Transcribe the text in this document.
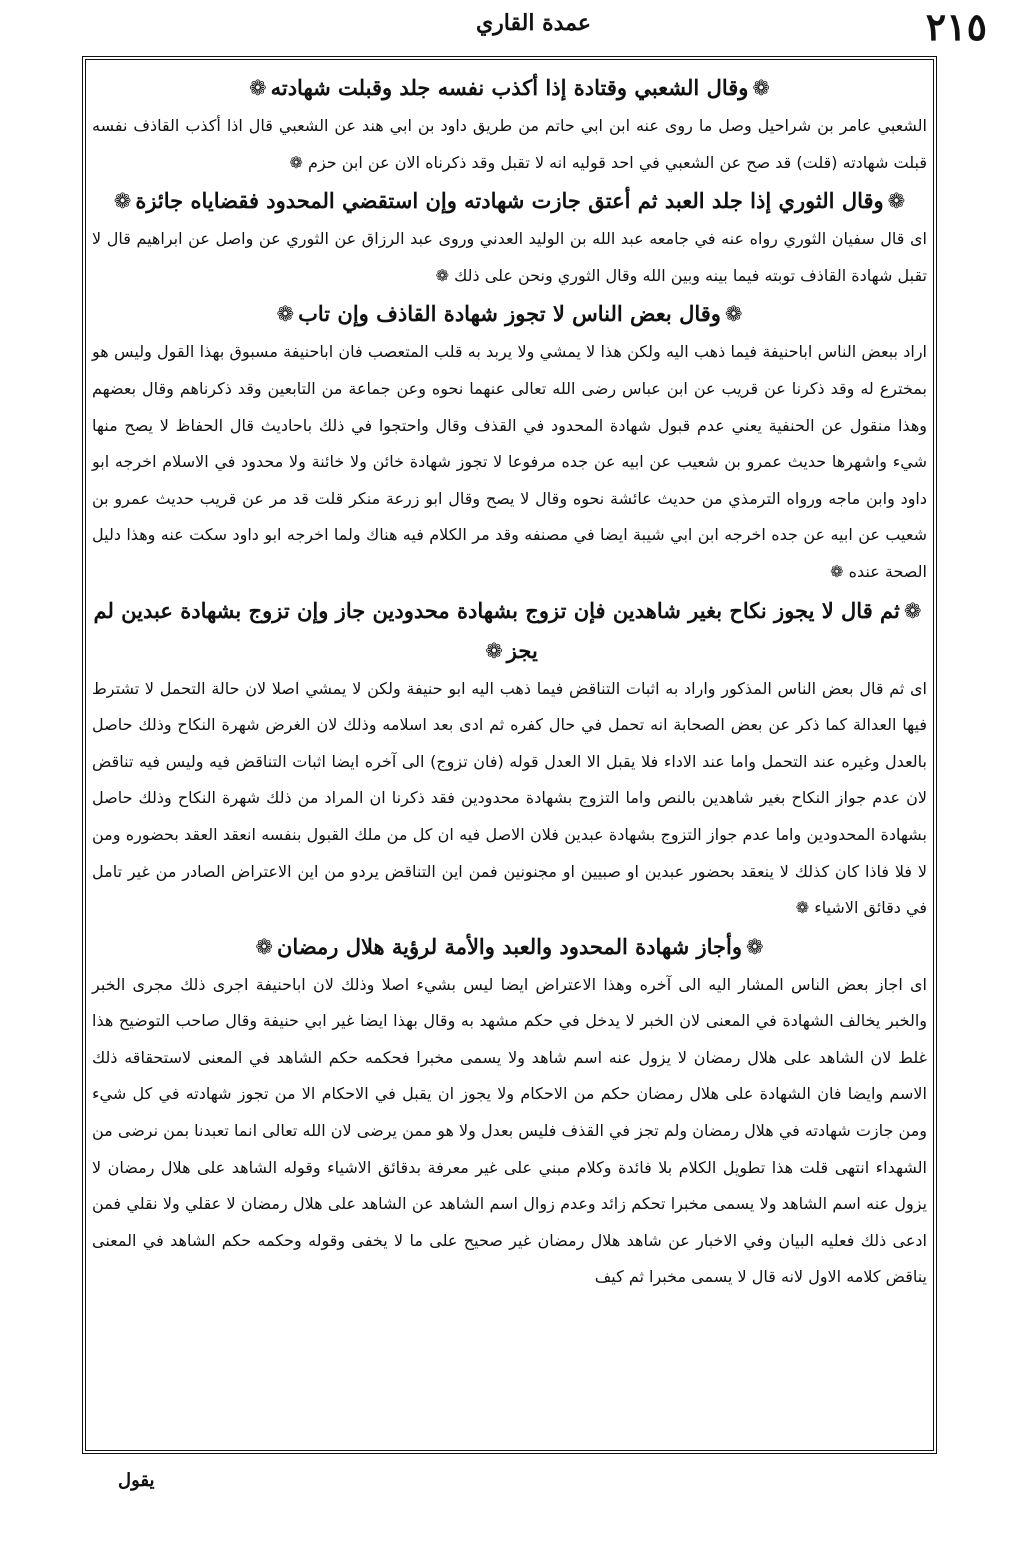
٢١٥
عمدة القاري
❁وقال الشعبي وقتادة إذا أكذب نفسه جلد وقبلت شهادته❁
الشعبي عامر بن شراحيل وصل ما روى عنه ابن ابي حاتم من طريق داود بن ابي هند عن الشعبي قال اذا أكذب القاذف نفسه قبلت شهادته (قلت) قد صح عن الشعبي في احد قوليه انه لا تقبل وقد ذكرناه الان عن ابن حزم ❁
❁وقال الثوري إذا جلد العبد ثم أعتق جازت شهادته وإن استقضي المحدود فقضاياه جائزة❁
اى قال سفيان الثوري رواه عنه في جامعه عبد الله بن الوليد العدني وروى عبد الرزاق عن الثوري عن واصل عن ابراهيم قال لا تقبل شهادة القاذف توبته فيما بينه وبين الله وقال الثوري ونحن على ذلك ❁
❁وقال بعض الناس لا تجوز شهادة القاذف وإن تاب❁
اراد ببعض الناس اباحنيفة فيما ذهب اليه ولكن هذا لا يمشي ولا يربد به قلب المتعصب فان اباحنيفة مسبوق بهذا القول وليس هو بمخترع له وقد ذكرنا عن قريب عن ابن عباس رضى الله تعالى عنهما نحوه وعن جماعة من التابعين وقد ذكرناهم وقال بعضهم وهذا منقول عن الحنفية يعني عدم قبول شهادة المحدود في القذف وقال واحتجوا في ذلك باحاديث قال الحفاظ لا يصح منها شيء واشهرها حديث عمرو بن شعيب عن ابيه عن جده مرفوعا لا تجوز شهادة خائن ولا خائنة ولا محدود في الاسلام اخرجه ابو داود وابن ماجه ورواه الترمذي من حديث عائشة نحوه وقال لا يصح وقال ابو زرعة منكر قلت قد مر عن قريب حديث عمرو بن شعيب عن ابيه عن جده اخرجه ابن ابي شيبة ايضا في مصنفه وقد مر الكلام فيه هناك ولما اخرجه ابو داود سكت عنه وهذا دليل الصحة عنده ❁
❁ثم قال لا يجوز نكاح بغير شاهدين فإن تزوج بشهادة محدودين جاز وإن تزوج بشهادة عبدين لم يجز❁
اى ثم قال بعض الناس المذكور واراد به اثبات التناقض فيما ذهب اليه ابو حنيفة ولكن لا يمشي اصلا لان حالة التحمل لا تشترط فيها العدالة كما ذكر عن بعض الصحابة انه تحمل في حال كفره ثم ادى بعد اسلامه وذلك لان الغرض شهرة النكاح وذلك حاصل بالعدل وغيره عند التحمل واما عند الاداء فلا يقبل الا العدل قوله (فان تزوج) الى آخره ايضا اثبات التناقض فيه وليس فيه تناقض لان عدم جواز النكاح بغير شاهدين بالنص واما التزوج بشهادة محدودين فقد ذكرنا ان المراد من ذلك شهرة النكاح وذلك حاصل بشهادة المحدودين واما عدم جواز التزوج بشهادة عبدين فلان الاصل فيه ان كل من ملك القبول بنفسه انعقد العقد بحضوره ومن لا فلا فاذا كان كذلك لا ينعقد بحضور عبدين او صبيين او مجنونين فمن اين التناقض يردو من اين الاعتراض الصادر من غير تامل في دقائق الاشياء ❁
❁وأجاز شهادة المحدود والعبد والأمة لرؤية هلال رمضان❁
اى اجاز بعض الناس المشار اليه الى آخره وهذا الاعتراض ايضا ليس بشيء اصلا وذلك لان اباحنيفة اجرى ذلك مجرى الخبر والخبر يخالف الشهادة في المعنى لان الخبر لا يدخل في حكم مشهد به وقال بهذا ايضا غير ابي حنيفة وقال صاحب التوضيح هذا غلط لان الشاهد على هلال رمضان لا يزول عنه اسم شاهد ولا يسمى مخبرا فحكمه حكم الشاهد في المعنى لاستحقاقه ذلك الاسم وايضا فان الشهادة على هلال رمضان حكم من الاحكام ولا يجوز ان يقبل في الاحكام الا من تجوز شهادته في كل شيء ومن جازت شهادته في هلال رمضان ولم تجز في القذف فليس بعدل ولا هو ممن يرضى لان الله تعالى انما تعبدنا بمن نرضى من الشهداء انتهى قلت هذا تطويل الكلام بلا فائدة وكلام مبني على غير معرفة بدقائق الاشياء وقوله الشاهد على هلال رمضان لا يزول عنه اسم الشاهد ولا يسمى مخبرا تحكم زائد وعدم زوال اسم الشاهد عن الشاهد على هلال رمضان لا عقلي ولا نقلي فمن ادعى ذلك فعليه البيان وفي الاخبار عن شاهد هلال رمضان غير صحيح على ما لا يخفى وقوله وحكمه حكم الشاهد في المعنى يناقض كلامه الاول لانه قال لا يسمى مخبرا ثم كيف
يقول
